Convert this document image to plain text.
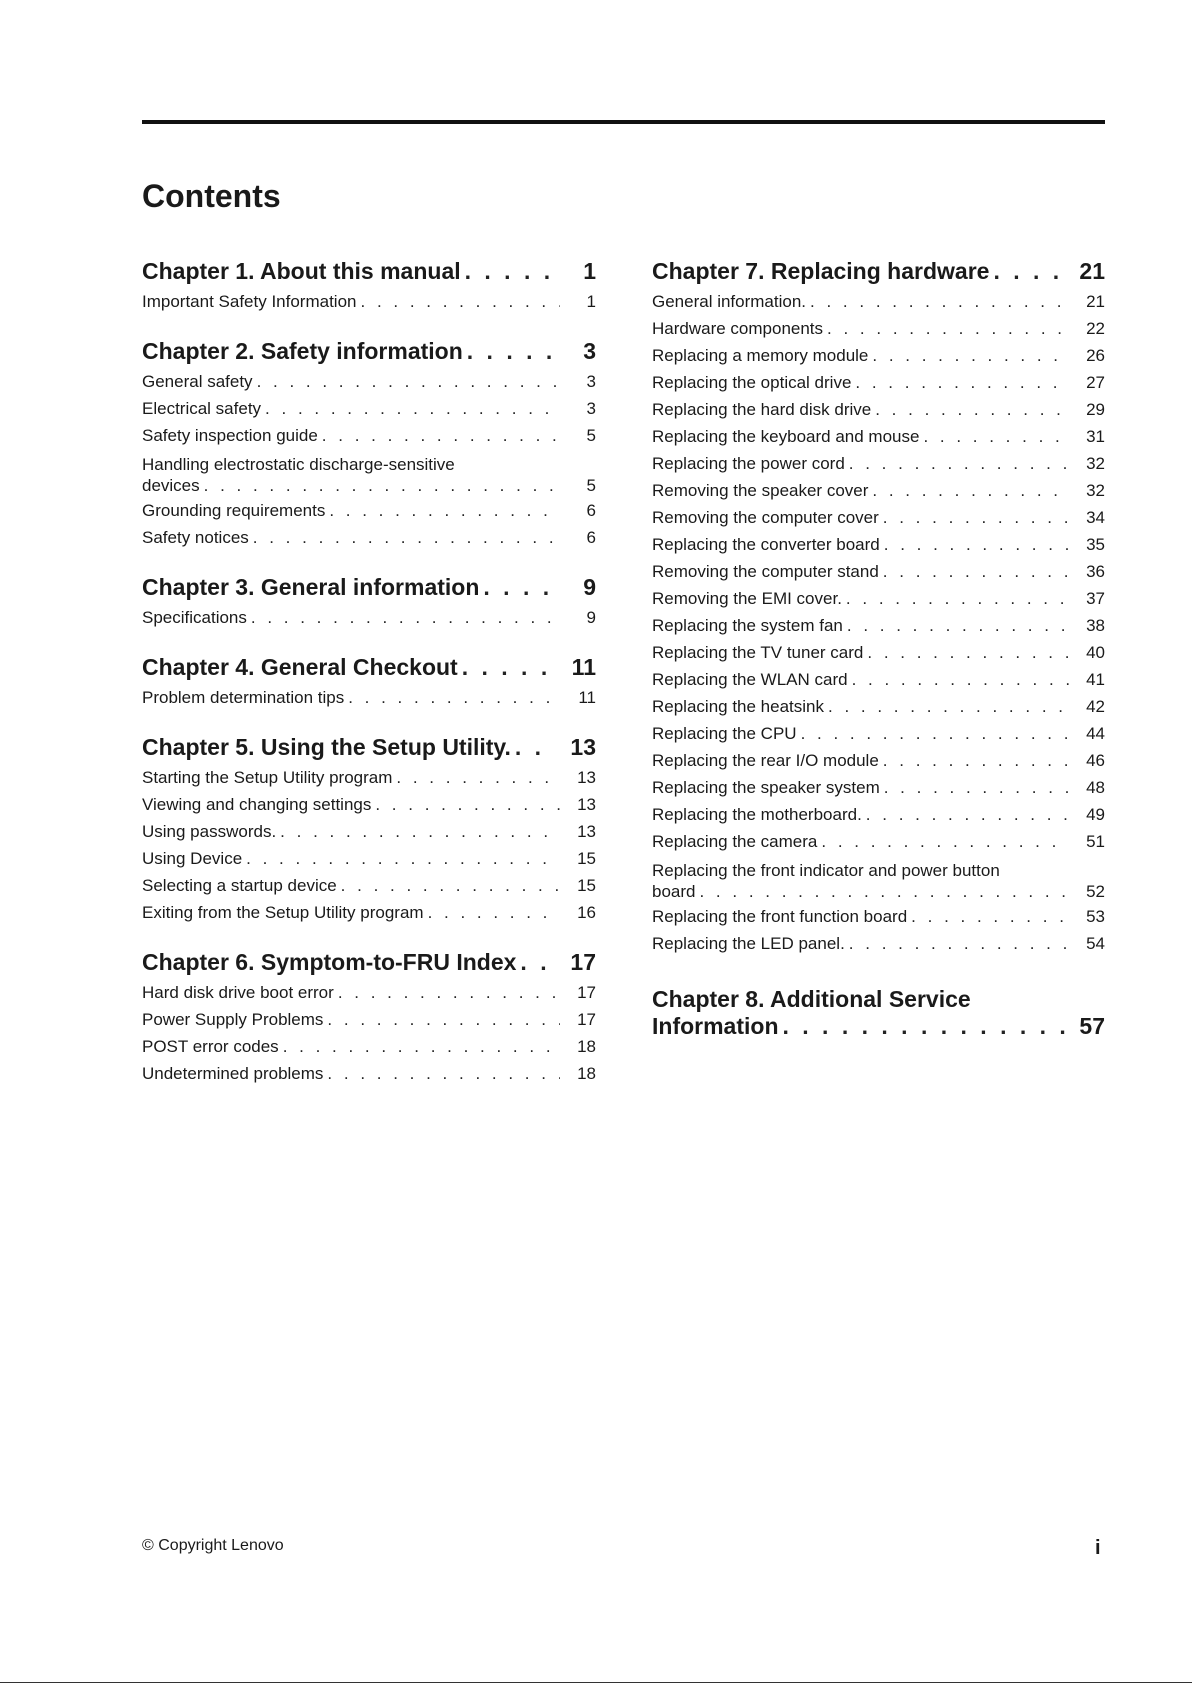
Contents
Chapter 1. About this manual . . .	1
Important Safety Information . . .	1
Chapter 2. Safety information . . .	3
General safety . . .	3
Electrical safety . . .	3
Safety inspection guide . . .	5
Handling electrostatic discharge-sensitive
devices . . .	5
Grounding requirements . . .	6
Safety notices . . .	6
Chapter 3. General information . . .	9
Specifications . . .	9
Chapter 4. General Checkout . . .	11
Problem determination tips . . .	11
Chapter 5. Using the Setup Utility. . . .	13
Starting the Setup Utility program . . .	13
Viewing and changing settings . . .	13
Using passwords. . . .	13
Using Device . . .	15
Selecting a startup device . . .	15
Exiting from the Setup Utility program . . .	16
Chapter 6. Symptom-to-FRU Index . . .	17
Hard disk drive boot error . . .	17
Power Supply Problems . . .	17
POST error codes . . .	18
Undetermined problems . . .	18
Chapter 7. Replacing hardware . . .	21
General information. . . .	21
Hardware components . . .	22
Replacing a memory module . . .	26
Replacing the optical drive . . .	27
Replacing the hard disk drive . . .	29
Replacing the keyboard and mouse . . .	31
Replacing the power cord . . .	32
Removing the speaker cover . . .	32
Removing the computer cover . . .	34
Replacing the converter board . . .	35
Removing the computer stand . . .	36
Removing the EMI cover. . . .	37
Replacing the system fan . . .	38
Replacing the TV tuner card . . .	40
Replacing the WLAN card . . .	41
Replacing the heatsink . . .	42
Replacing the CPU . . .	44
Replacing the rear I/O module . . .	46
Replacing the speaker system . . .	48
Replacing the motherboard. . . .	49
Replacing the camera . . .	51
Replacing the front indicator and power button
board . . .	52
Replacing the front function board . . .	53
Replacing the LED panel. . . .	54
Chapter 8. Additional Service
Information . . .	57
© Copyright Lenovo	i
